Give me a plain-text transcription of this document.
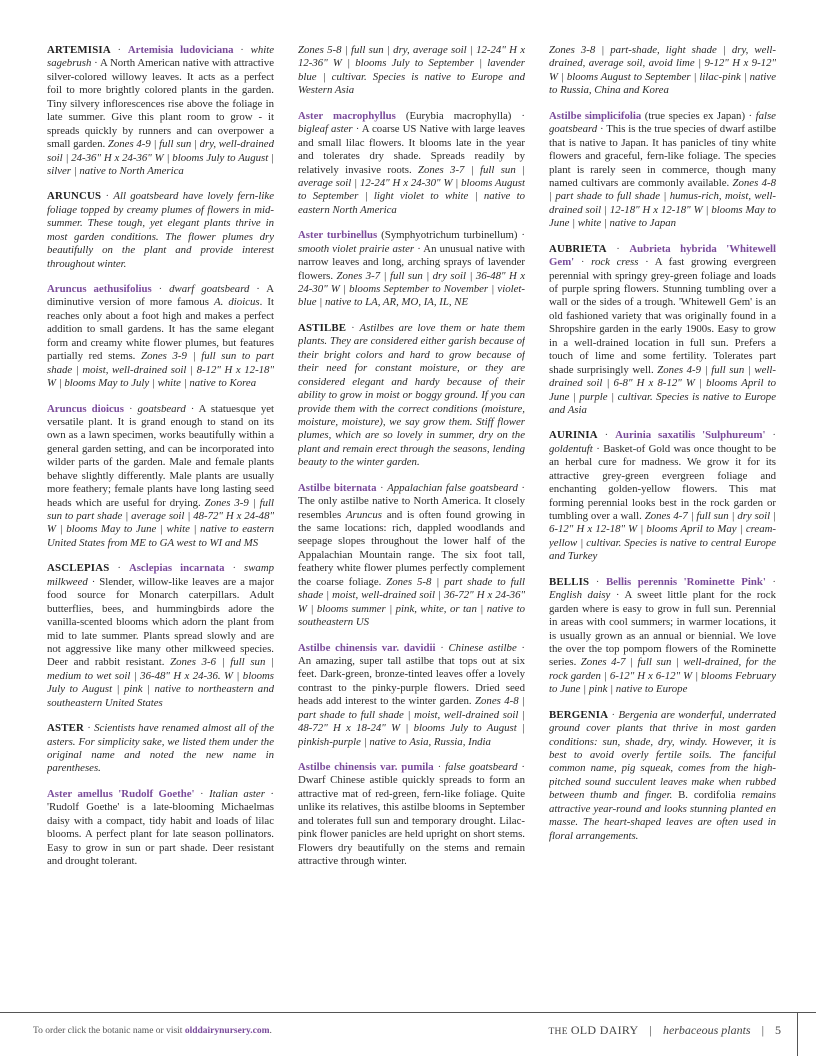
ARTEMISIA · Artemisia ludoviciana · white sagebrush · A North American native with attractive silver-colored willowy leaves. It acts as a perfect foil to more brightly colored plants in the garden. Tiny silvery inflorescences rise above the foliage in late summer. Give this plant room to grow - it spreads quickly by runners and can overpower a small garden. Zones 4-9 | full sun | dry, well-drained soil | 24-36" H x 24-36" W | blooms July to August | silver | native to North America

ARUNCUS · All goatsbeard have lovely fern-like foliage topped by creamy plumes of flowers in mid-summer. These tough, yet elegant plants thrive in most garden conditions. The flower plumes dry beautifully on the plant and provide interest throughout winter.

Aruncus aethusifolius · dwarf goatsbeard · A diminutive version of more famous A. dioicus. It reaches only about a foot high and makes a perfect addition to small gardens. It has the same elegant form and creamy white flower plumes, but features partially red stems. Zones 3-9 | full sun to part shade | moist, well-drained soil | 8-12" H x 12-18" W | blooms May to July | white | native to Korea

Aruncus dioicus · goatsbeard · A statuesque yet versatile plant. It is grand enough to stand on its own as a lawn specimen, works beautifully within a general garden setting, and can be incorporated into wilder parts of the garden. Male and female plants behave slightly differently. Male plants are usually more feathery; female plants have long lasting seed heads which are useful for drying. Zones 3-9 | full sun to part shade | average soil | 48-72" H x 24-48" W | blooms May to June | white | native to eastern United States from ME to GA west to WI and MS

ASCLEPIAS · Asclepias incarnata · swamp milkweed · Slender, willow-like leaves are a major food source for Monarch caterpillars. Adult butterflies, bees, and hummingbirds adore the vanilla-scented blooms which adorn the plant from mid to late summer. Plants spread slowly and are not aggressive like many other milkweed species. Deer and rabbit resistant. Zones 3-6 | full sun | medium to wet soil | 36-48" H x 24-36. W | blooms July to August | pink | native to northeastern and southeastern United States

ASTER · Scientists have renamed almost all of the asters. For simplicity sake, we listed them under the original name and noted the new name in parentheses.

Aster amellus 'Rudolf Goethe' · Italian aster · 'Rudolf Goethe' is a late-blooming Michaelmas daisy with a compact, tidy habit and loads of lilac blooms. A perfect plant for late season pollinators. Easy to grow in sun or part shade. Deer resistant and drought tolerant.

Zones 5-8 | full sun | dry, average soil | 12-24" H x 12-36" W | blooms July to September | lavender blue | cultivar. Species is native to Europe and Western Asia

Aster macrophyllus (Eurybia macrophylla) · bigleaf aster · A coarse US Native with large leaves and small lilac flowers. It blooms late in the year and tolerates dry shade. Spreads readily by relatively invasive roots. Zones 3-7 | full sun | average soil | 12-24" H x 24-30" W | blooms August to September | light violet to white | native to eastern North America

Aster turbinellus (Symphyotrichum turbinellum) · smooth violet prairie aster · An unusual native with narrow leaves and long, arching sprays of lavender flowers. Zones 3-7 | full sun | dry soil | 36-48" H x 24-30" W | blooms September to November | violet-blue | native to LA, AR, MO, IA, IL, NE

ASTILBE · Astilbes are love them or hate them plants. They are considered either garish because of their bright colors and hard to grow because of their need for constant moisture, or they are considered elegant and hardy because of their ability to grow in moist or boggy ground. If you can provide them with the correct conditions (moisture, moisture, moisture), we say grow them. Stiff flower plumes, which are so lovely in summer, dry on the plant and remain erect through the seasons, lending beauty to the winter garden.

Astilbe biternata · Appalachian false goatsbeard · The only astilbe native to North America. It closely resembles Aruncus and is often found growing in the same locations: rich, dappled woodlands and seepage slopes throughout the lower half of the Appalachian Mountain range. The six foot tall, feathery white flower plumes perfectly complement the coarse foliage. Zones 5-8 | part shade to full shade | moist, well-drained soil | 36-72" H x 24-36" W | blooms summer | pink, white, or tan | native to southeastern US

Astilbe chinensis var. davidii · Chinese astilbe · An amazing, super tall astilbe that tops out at six feet. Dark-green, bronze-tinted leaves offer a lovely contrast to the pinky-purple flowers. Dried seed heads add interest to the winter garden. Zones 4-8 | part shade to full shade | moist, well-drained soil | 48-72" H x 18-24" W | blooms July to August | pinkish-purple | native to Asia, Russia, India

Astilbe chinensis var. pumila · false goatsbeard · Dwarf Chinese astible quickly spreads to form an attractive mat of red-green, fern-like foliage. Quite unlike its relatives, this astilbe blooms in September and tolerates full sun and temporary drought. Lilac-pink flower panicles are held upright on short stems. Flowers dry beautifully on the stems and remain attractive through winter.

Zones 3-8 | part-shade, light shade | dry, well-drained, average soil, avoid lime | 9-12" H x 9-12" W | blooms August to September | lilac-pink | native to Russia, China and Korea

Astilbe simplicifolia (true species ex Japan) · false goatsbeard · This is the true species of dwarf astilbe that is native to Japan. It has panicles of tiny white flowers and graceful, fern-like foliage. The species plant is rarely seen in commerce, though many named cultivars are commonly available. Zones 4-8 | part shade to full shade | humus-rich, moist, well-drained soil | 12-18" H x 12-18" W | blooms May to June | white | native to Japan

AUBRIETA · Aubrieta hybrida 'Whitewell Gem' · rock cress · A fast growing evergreen perennial with springy grey-green foliage and loads of purple spring flowers. Stunning tumbling over a wall or the sides of a trough. 'Whitewell Gem' is an old fashioned variety that was originally found in a Shropshire garden in the early 1900s. Easy to grow in a well-drained location in full sun. Prefers a touch of lime and some fertility. Tolerates part shade surprisingly well. Zones 4-9 | full sun | well-drained soil | 6-8" H x 8-12" W | blooms April to June | purple | cultivar. Species is native to Europe and Asia

AURINIA · Aurinia saxatilis 'Sulphureum' · goldentuft · Basket-of Gold was once thought to be an herbal cure for madness. We grow it for its attractive grey-green evergreen foliage and enchanting golden-yellow flowers. This mat forming perennial looks best in the rock garden or tumbling over a wall. Zones 4-7 | full sun | dry soil | 6-12" H x 12-18" W | blooms April to May | cream-yellow | cultivar. Species is native to central Europe and Turkey

BELLIS · Bellis perennis 'Rominette Pink' · English daisy · A sweet little plant for the rock garden where is easy to grow in full sun. Perennial in areas with cool summers; in warmer locations, it is usually grown as an annual or biennial. We love the over the top pompom flowers of the Rominette series. Zones 4-7 | full sun | well-drained, for the rock garden | 6-12" H x 6-12" W | blooms February to June | pink | native to Europe

BERGENIA · Bergenia are wonderful, underrated ground cover plants that thrive in most garden conditions: sun, shade, dry, windy. However, it is best to avoid overly fertile soils. The fanciful common name, pig squeak, comes from the high-pitched sound succulent leaves make when rubbed between thumb and finger. B. cordifolia remains attractive year-round and looks stunning planted en masse. The heart-shaped leaves are often used in floral arrangements.

To order click the botanic name or visit olddairynursery.com.	THE OLD DAIRY | herbaceous plants | 5
